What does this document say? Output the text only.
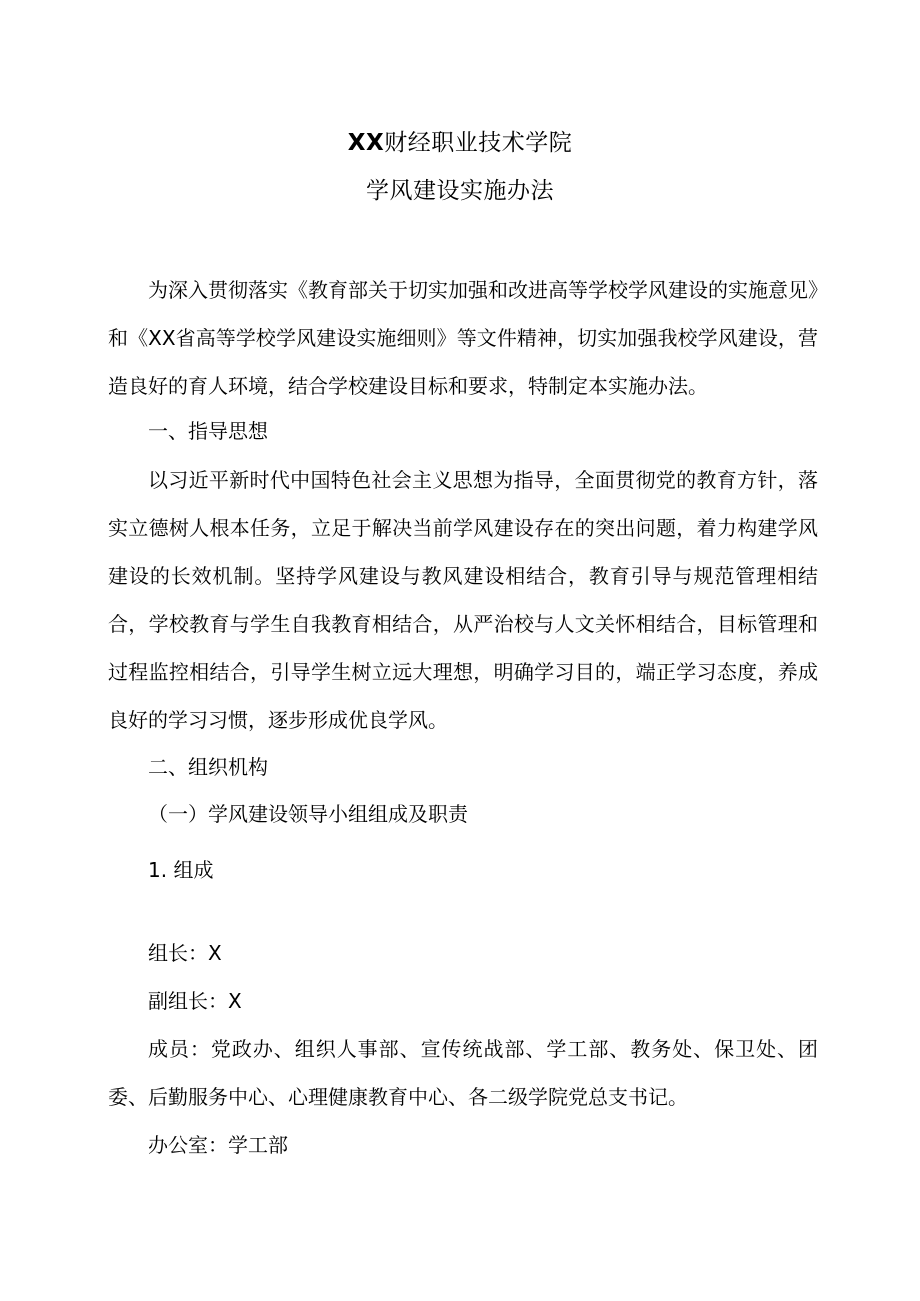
XX财经职业技术学院
学风建设实施办法

为深入贯彻落实《教育部关于切实加强和改进高等学校学风建设的实施意见》和《XX省高等学校学风建设实施细则》等文件精神，切实加强我校学风建设，营造良好的育人环境，结合学校建设目标和要求，特制定本实施办法。

一、指导思想

以习近平新时代中国特色社会主义思想为指导，全面贯彻党的教育方针，落实立德树人根本任务，立足于解决当前学风建设存在的突出问题，着力构建学风建设的长效机制。坚持学风建设与教风建设相结合，教育引导与规范管理相结合，学校教育与学生自我教育相结合，从严治校与人文关怀相结合，目标管理和过程监控相结合，引导学生树立远大理想，明确学习目的，端正学习态度，养成良好的学习习惯，逐步形成优良学风。

二、组织机构
（一）学风建设领导小组组成及职责
1. 组成
组长：X
副组长：X

成员：党政办、组织人事部、宣传统战部、学工部、教务处、保卫处、团委、后勤服务中心、心理健康教育中心、各二级学院党总支书记。

办公室：学工部
